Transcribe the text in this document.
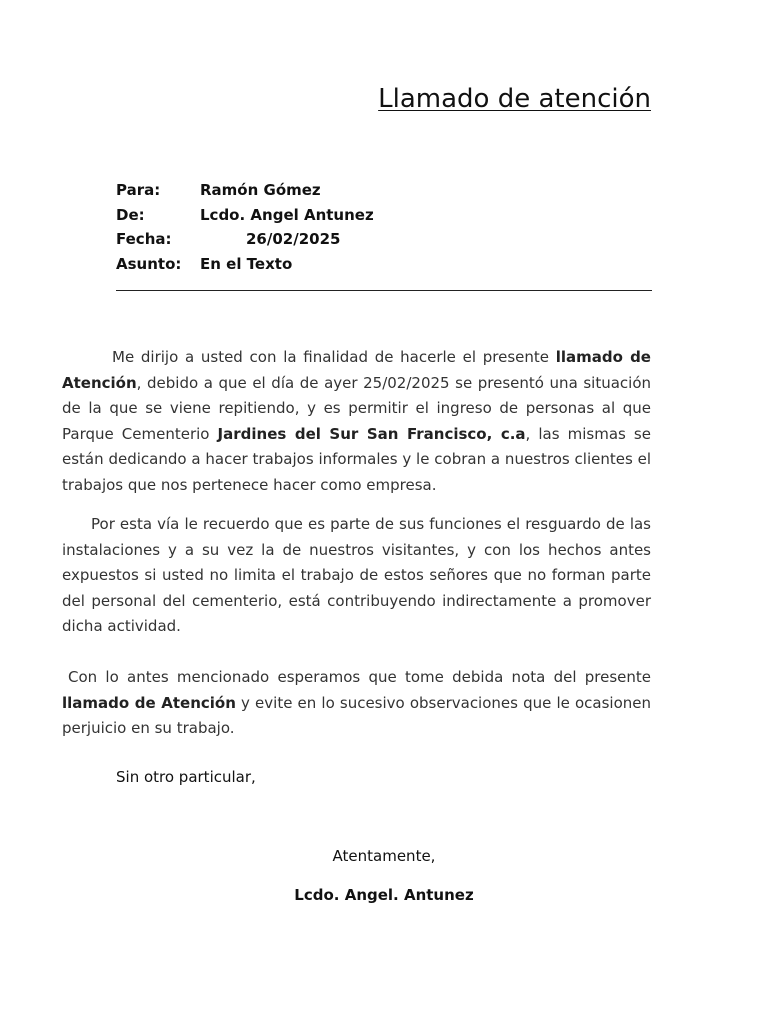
Llamado de atención
Para:	Ramón Gómez
De:	Lcdo. Angel Antunez
Fecha:	26/02/2025
Asunto:	En el Texto

Me dirijo a usted con la finalidad de hacerle el presente llamado de Atención, debido a que el día de ayer 25/02/2025 se presentó una situación de la que se viene repitiendo, y es permitir el ingreso de personas al que Parque Cementerio Jardines del Sur San Francisco, c.a, las mismas se están dedicando a hacer trabajos informales y le cobran a nuestros clientes el trabajos que nos pertenece hacer como empresa.

Por esta vía le recuerdo que es parte de sus funciones el resguardo de las instalaciones y a su vez la de nuestros visitantes, y con los hechos antes expuestos si usted no limita el trabajo de estos señores que no forman parte del personal del cementerio, está contribuyendo indirectamente a promover dicha actividad.

Con lo antes mencionado esperamos que tome debida nota del presente llamado de Atención y evite en lo sucesivo observaciones que le ocasionen perjuicio en su trabajo.

Sin otro particular,

Atentamente,

Lcdo. Angel. Antunez
